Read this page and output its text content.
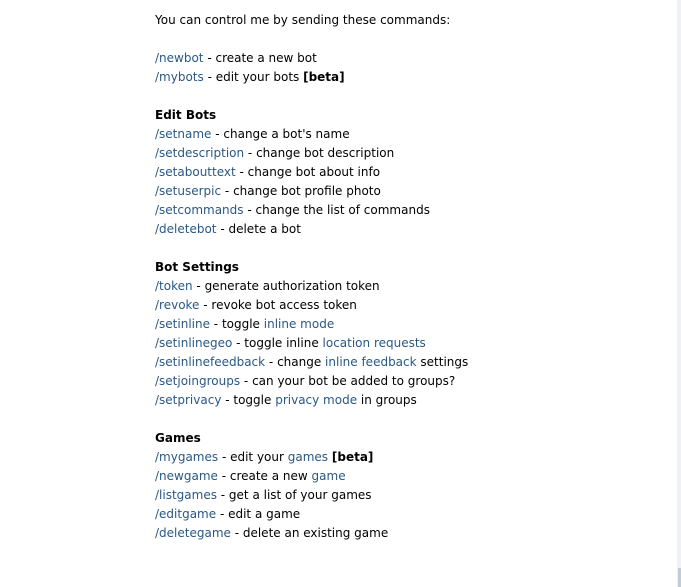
You can control me by sending these commands:
/newbot - create a new bot
/mybots - edit your bots [beta]
Edit Bots
/setname - change a bot's name
/setdescription - change bot description
/setabouttext - change bot about info
/setuserpic - change bot profile photo
/setcommands - change the list of commands
/deletebot - delete a bot
Bot Settings
/token - generate authorization token
/revoke - revoke bot access token
/setinline - toggle inline mode
/setinlinegeo - toggle inline location requests
/setinlinefeedback - change inline feedback settings
/setjoingroups - can your bot be added to groups?
/setprivacy - toggle privacy mode in groups
Games
/mygames - edit your games [beta]
/newgame - create a new game
/listgames - get a list of your games
/editgame - edit a game
/deletegame - delete an existing game
